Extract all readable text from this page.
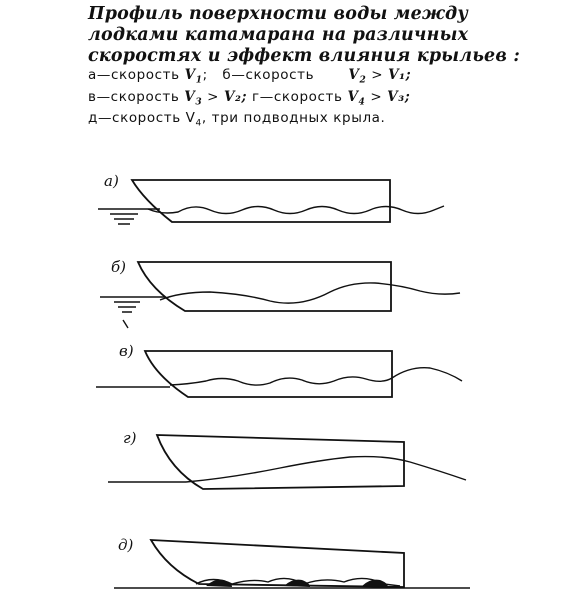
Профиль поверхности воды между
лодками катамарана на различных
скоростях и эффект влияния крыльев :

а—скорость $V_1$; б—скорость	$V_2 > V_1$;

в—скорость $V_3 > V_2$; г—скорость $V_4 > V_3$;

д—скорость $V_4$, три подводных крыла.

а)
б)
в)
г)
д)
